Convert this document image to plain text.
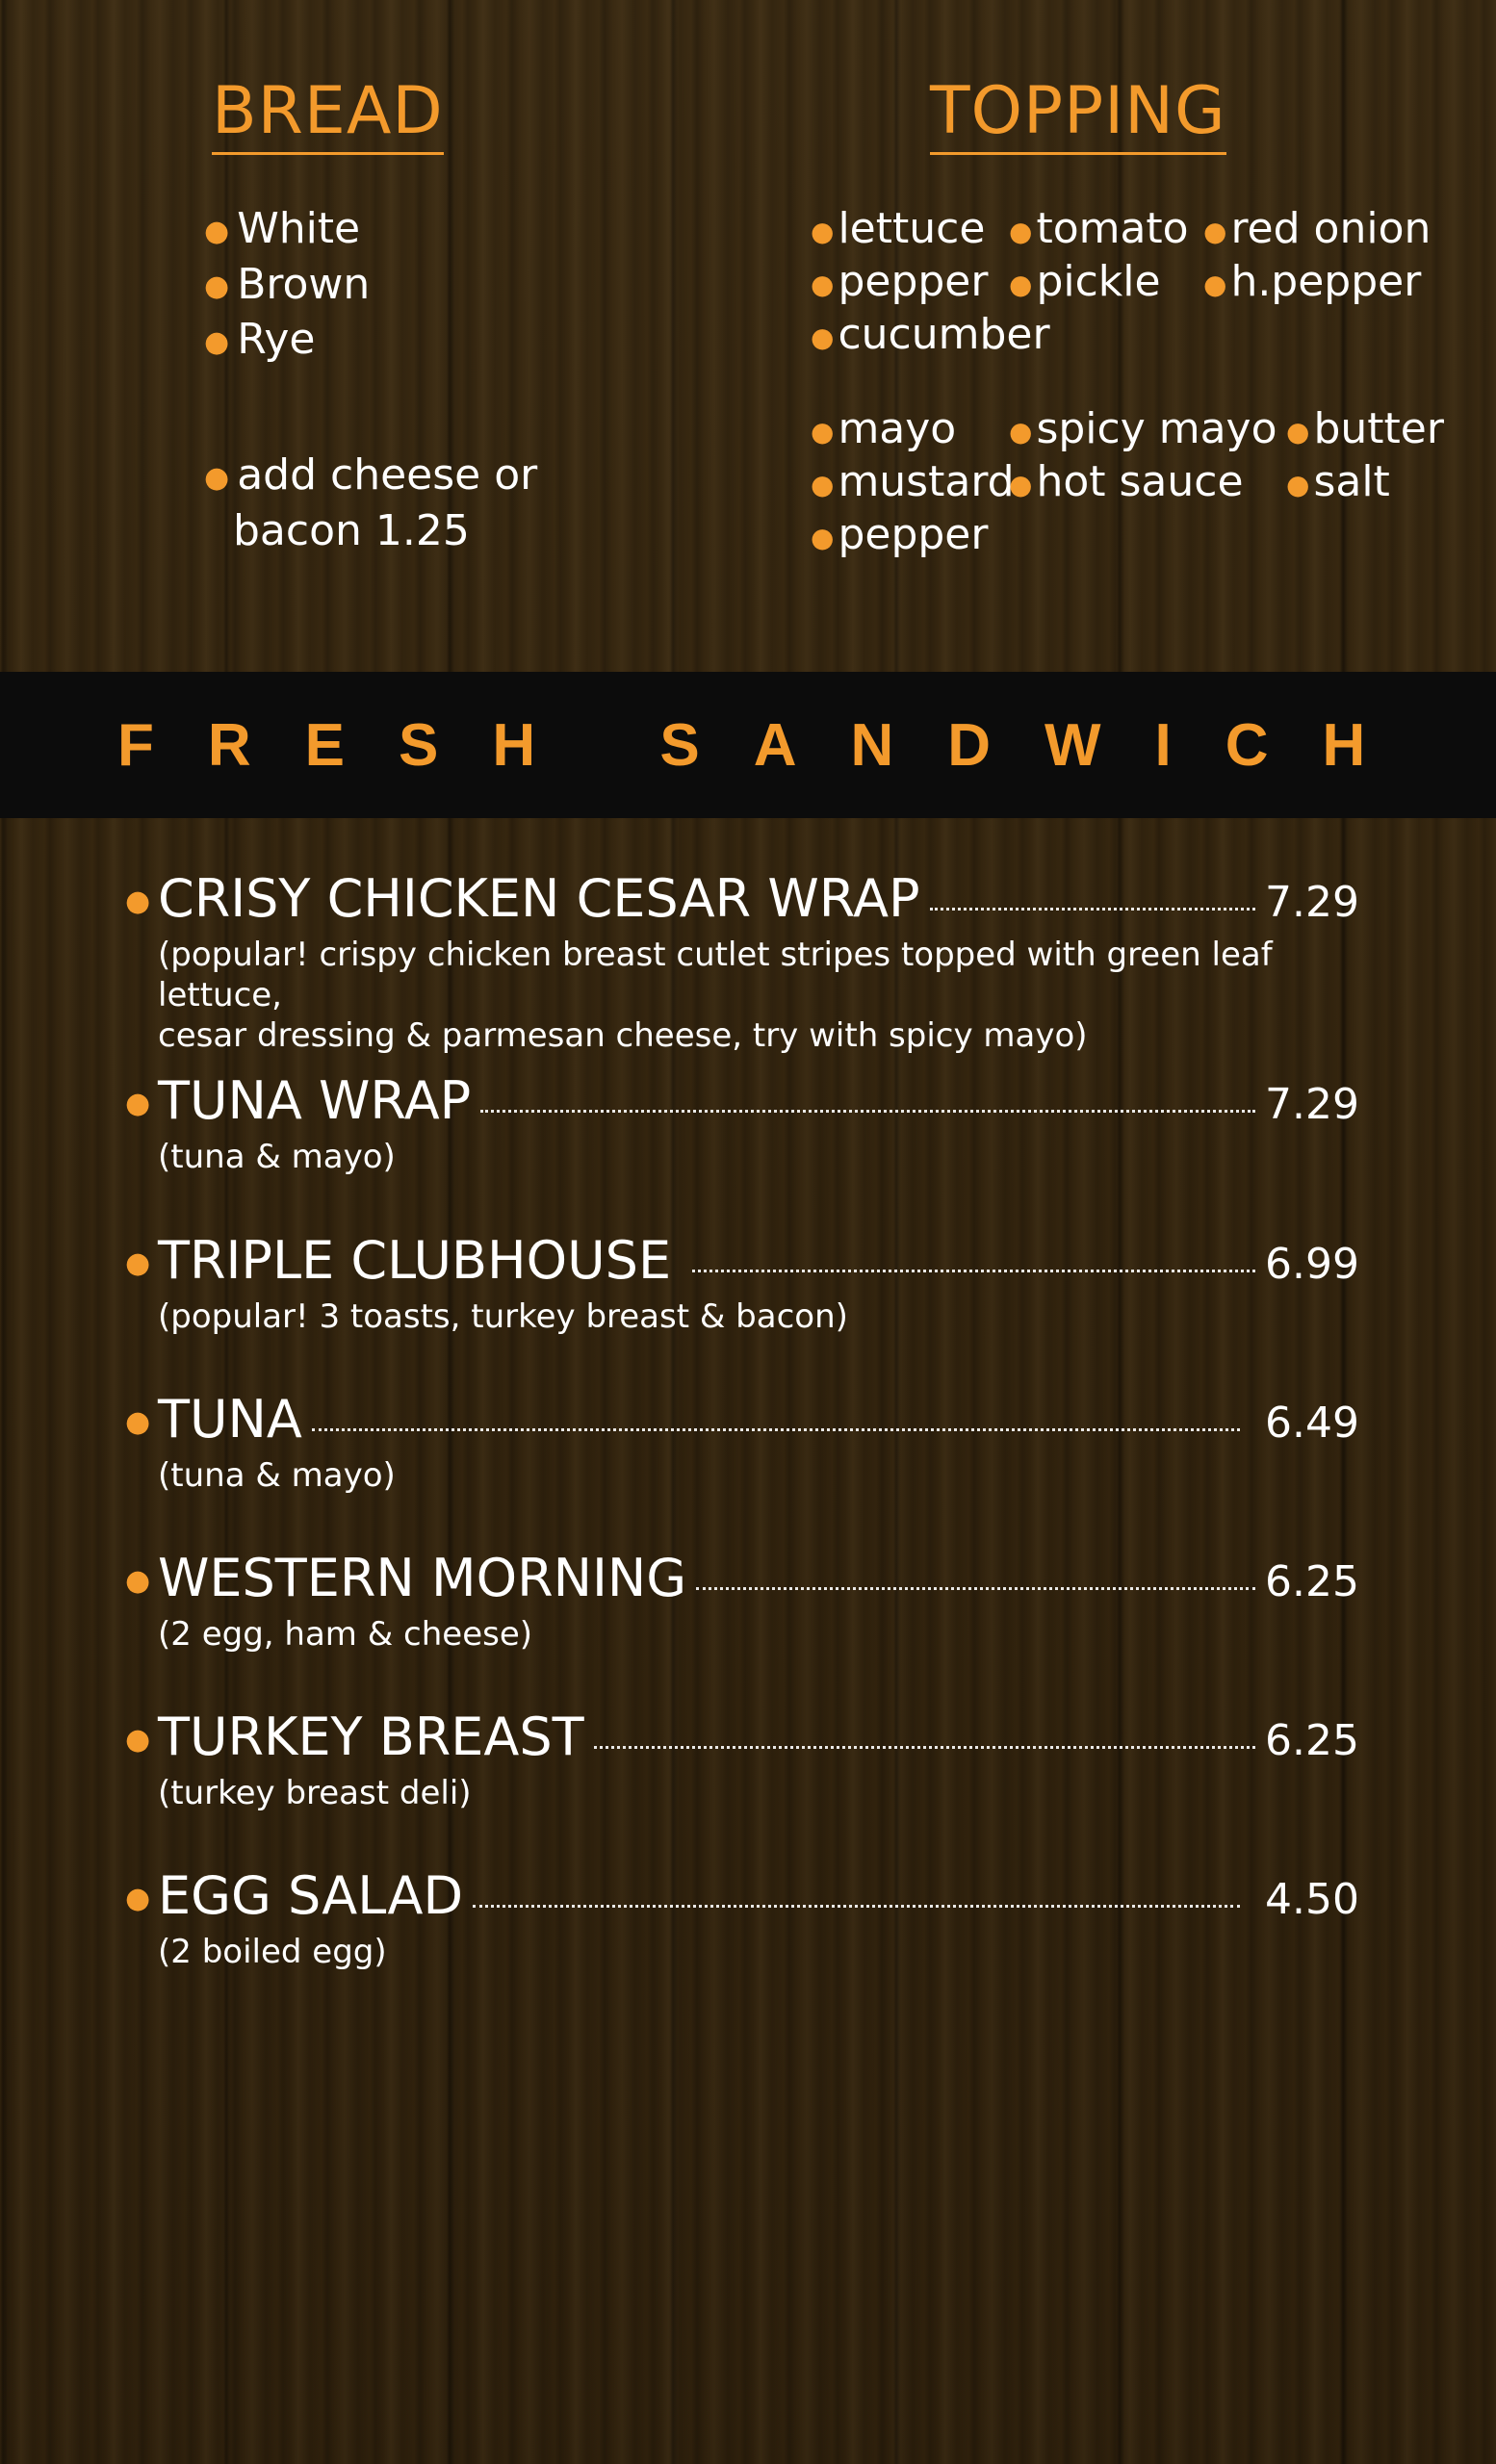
BREAD
● White
● Brown
● Rye
● add cheese or
bacon 1.25
TOPPING
●lettuce ●tomato ●red onion
●pepper ●pickle ●h.pepper
●cucumber
●mayo ●spicy mayo ●butter
●mustard
●hot sauce ●salt
●pepper
FRESH SANDWICH
● CRISY CHICKEN CESAR WRAP	7.29
(popular! crispy chicken breast cutlet stripes topped with green leaf lettuce,
cesar dressing & parmesan cheese, try with spicy mayo)
● TUNA WRAP	7.29
(tuna & mayo)
● TRIPLE CLUBHOUSE	6.99
(popular! 3 toasts, turkey breast & bacon)
● TUNA	6.49
(tuna & mayo)
● WESTERN MORNING	6.25
(2 egg, ham & cheese)
● TURKEY BREAST	6.25
(turkey breast deli)
● EGG SALAD	4.50
(2 boiled egg)
